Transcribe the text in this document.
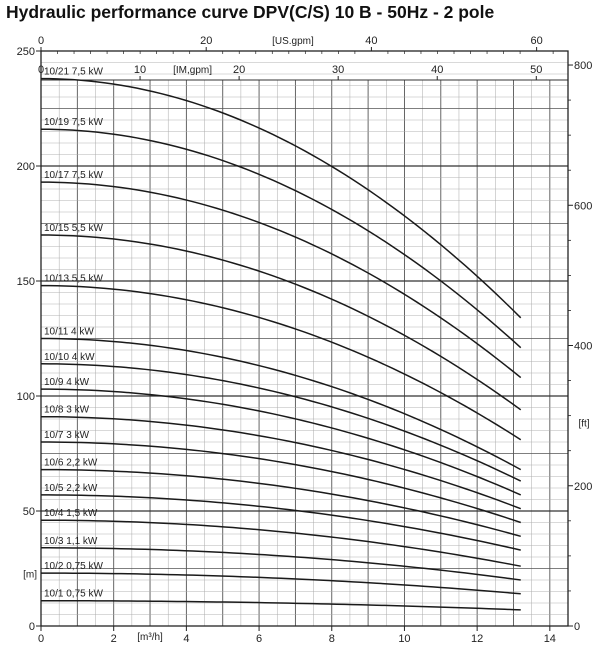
Hydraulic performance curve DPV(C/S) 10 B - 50Hz - 2 pole
0	2	4	6	8	10	12	14
[m³/h]
0
50
100
150
200
250
[m]
0
200
400
600
800
[ft]
0	20	40	60
[US.gpm]
0	10	20	30	40	50
[IM,gpm]
10/21 7,5 kW
10/19 7,5 kW
10/17 7,5 kW
10/15 5,5 kW
10/13 5,5 kW
10/11 4 kW
10/10 4 kW
10/9 4 kW
10/8 3 kW
10/7 3 kW
10/6 2,2 kW
10/5 2,2 kW
10/4 1,5 kW
10/3 1,1 kW
10/2 0,75 kW
10/1 0,75 kW
